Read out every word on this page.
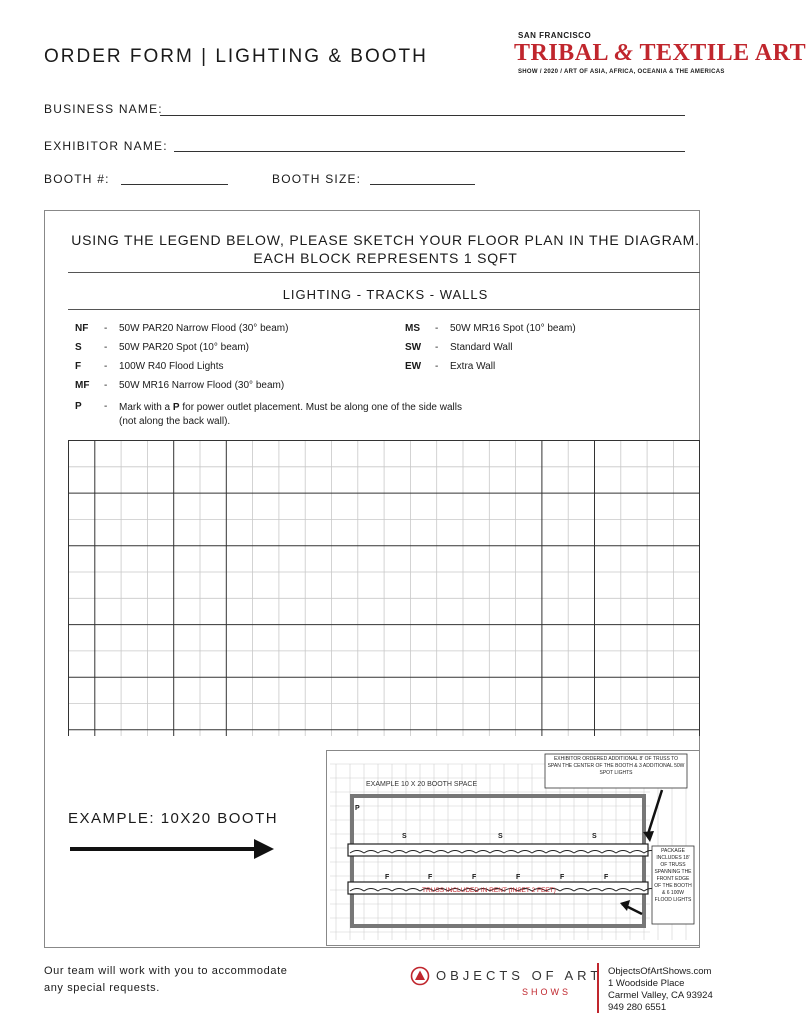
ORDER FORM | LIGHTING & BOOTH
SAN FRANCISCO
TRIBAL & TEXTILE ART
SHOW / 2020 / ART OF ASIA, AFRICA, OCEANIA & THE AMERICAS
BUSINESS NAME:
EXHIBITOR NAME:
BOOTH #:	BOOTH SIZE:
USING THE LEGEND BELOW, PLEASE SKETCH YOUR FLOOR PLAN IN THE DIAGRAM.
EACH BLOCK REPRESENTS 1 SQFT
LIGHTING - TRACKS - WALLS
NF - 50W PAR20 Narrow Flood (30° beam)
S - 50W PAR20 Spot (10° beam)
F - 100W R40 Flood Lights
MF - 50W MR16 Narrow Flood (30° beam)
P - Mark with a P for power outlet placement. Must be along one of the side walls
(not along the back wall).
MS - 50W MR16 Spot (10° beam)
SW - Standard Wall
EW - Extra Wall
EXAMPLE: 10X20 BOOTH
EXAMPLE 10 X 20 BOOTH SPACE
EXHIBITOR ORDERED ADDITIONAL 8' OF TRUSS TO SPAN THE CENTER OF THE BOOTH & 3 ADDITIONAL 50W SPOT LIGHTS
PACKAGE INCLUDES 18' OF TRUSS SPANNING THE FRONT EDGE OF THE BOOTH & 6 100W FLOOD LIGHTS
TRUSS INCLUDED IN RENT (INSET 2 FEET)
P
S	S	S
F	F	F	F	F	F
Our team will work with you to accommodate
any special requests.
OBJECTS OF ART
SHOWS
ObjectsOfArtShows.com
1 Woodside Place
Carmel Valley, CA 93924
949 280 6551
